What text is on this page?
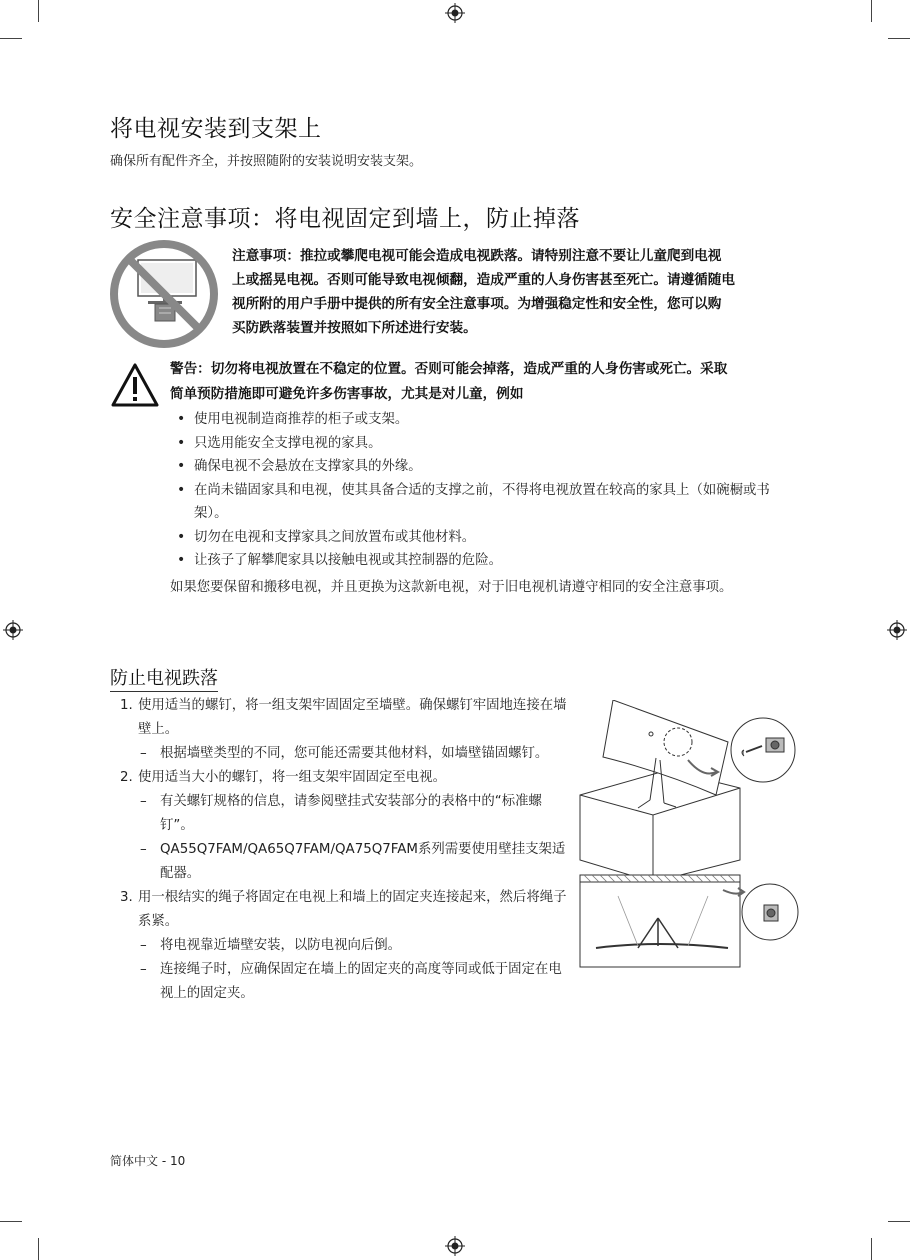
将电视安装到支架上
确保所有配件齐全，并按照随附的安装说明安装支架。
安全注意事项：将电视固定到墙上，防止掉落
注意事项：推拉或攀爬电视可能会造成电视跌落。请特别注意不要让儿童爬到电视
上或摇晃电视。否则可能导致电视倾翻，造成严重的人身伤害甚至死亡。请遵循随电
视所附的用户手册中提供的所有安全注意事项。为增强稳定性和安全性，您可以购
买防跌落装置并按照如下所述进行安装。
警告：切勿将电视放置在不稳定的位置。否则可能会掉落，造成严重的人身伤害或死亡。采取
简单预防措施即可避免许多伤害事故，尤其是对儿童，例如
• 使用电视制造商推荐的柜子或支架。
• 只选用能安全支撑电视的家具。
• 确保电视不会悬放在支撑家具的外缘。
• 在尚未锚固家具和电视，使其具备合适的支撑之前，不得将电视放置在较高的家具上（如碗橱或书架）。
• 切勿在电视和支撑家具之间放置布或其他材料。
• 让孩子了解攀爬家具以接触电视或其控制器的危险。
如果您要保留和搬移电视，并且更换为这款新电视，对于旧电视机请遵守相同的安全注意事项。
防止电视跌落
1. 使用适当的螺钉，将一组支架牢固固定至墙壁。确保螺钉牢固地连接在墙壁上。
– 根据墙壁类型的不同，您可能还需要其他材料，如墙壁锚固螺钉。
2. 使用适当大小的螺钉，将一组支架牢固固定至电视。
– 有关螺钉规格的信息，请参阅壁挂式安装部分的表格中的“标准螺钉”。
– QA55Q7FAM/QA65Q7FAM/QA75Q7FAM系列需要使用壁挂支架适配器。
3. 用一根结实的绳子将固定在电视上和墙上的固定夹连接起来，然后将绳子系紧。
– 将电视靠近墙壁安装，以防电视向后倒。
– 连接绳子时，应确保固定在墙上的固定夹的高度等同或低于固定在电视上的固定夹。
简体中文 - 10
